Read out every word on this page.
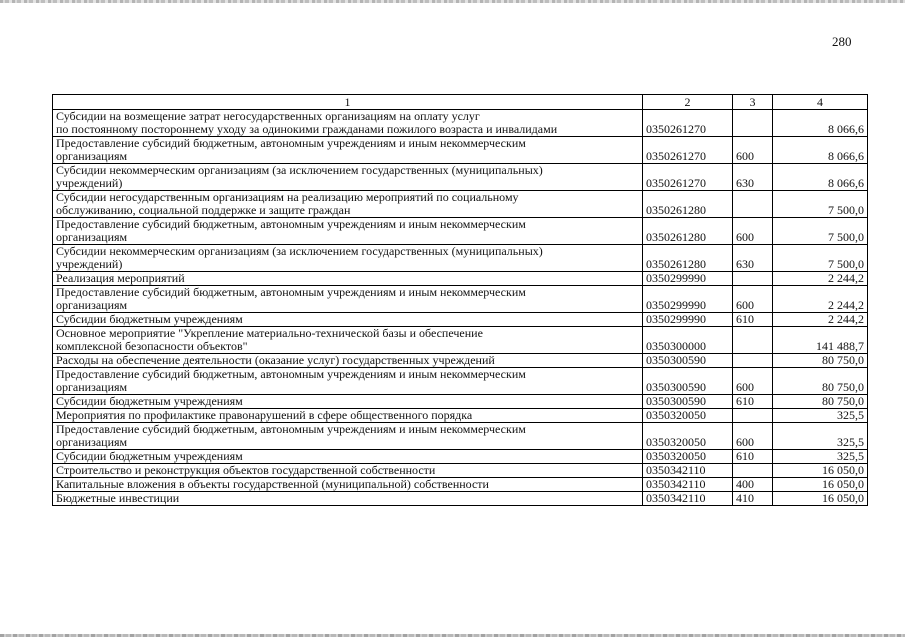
280
1	2	3	4

Субсидии на возмещение затрат негосударственных организациям на оплату услуг
по постоянному постороннему уходу за одинокими гражданами пожилого возраста и инвалидами	0350261270		8 066,6

Предоставление субсидий бюджетным, автономным учреждениям и иным некоммерческим
организациям	0350261270	600	8 066,6

Субсидии некоммерческим организациям (за исключением государственных (муниципальных)
учреждений)	0350261270	630	8 066,6

Субсидии негосударственным организациям на реализацию мероприятий по социальному
обслуживанию, социальной поддержке и защите граждан	0350261280		7 500,0

Предоставление субсидий бюджетным, автономным учреждениям и иным некоммерческим
организациям	0350261280	600	7 500,0

Субсидии некоммерческим организациям (за исключением государственных (муниципальных)
учреждений)	0350261280	630	7 500,0

Реализация мероприятий	0350299990		2 244,2

Предоставление субсидий бюджетным, автономным учреждениям и иным некоммерческим
организациям	0350299990	600	2 244,2

Субсидии бюджетным учреждениям	0350299990	610	2 244,2

Основное мероприятие "Укрепление материально-технической базы и обеспечение
комплексной безопасности объектов"	0350300000		141 488,7

Расходы на обеспечение деятельности (оказание услуг) государственных учреждений	0350300590		80 750,0

Предоставление субсидий бюджетным, автономным учреждениям и иным некоммерческим
организациям	0350300590	600	80 750,0

Субсидии бюджетным учреждениям	0350300590	610	80 750,0

Мероприятия по профилактике правонарушений в сфере общественного порядка	0350320050		325,5

Предоставление субсидий бюджетным, автономным учреждениям и иным некоммерческим
организациям	0350320050	600	325,5

Субсидии бюджетным учреждениям	0350320050	610	325,5

Строительство и реконструкция объектов государственной собственности	0350342110		16 050,0

Капитальные вложения в объекты государственной (муниципальной) собственности	0350342110	400	16 050,0

Бюджетные инвестиции	0350342110	410	16 050,0
